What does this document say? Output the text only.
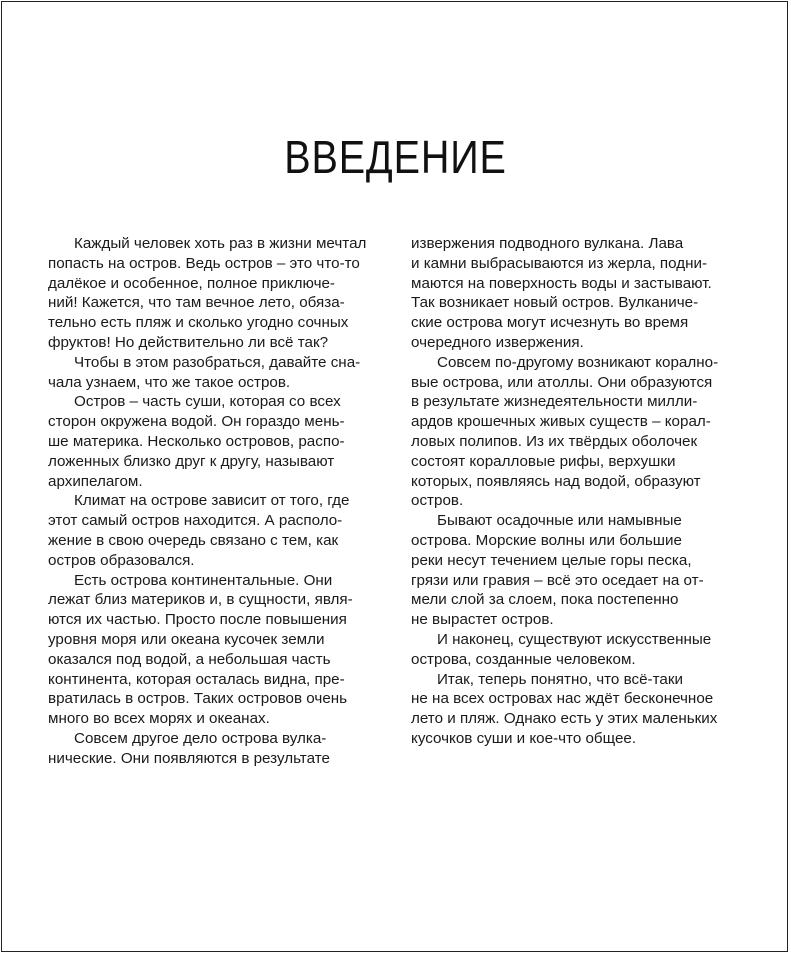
ВВЕДЕНИЕ
Каждый человек хоть раз в жизни мечтал
попасть на остров. Ведь остров – это что-то
далёкое и особенное, полное приключе-
ний! Кажется, что там вечное лето, обяза-
тельно есть пляж и сколько угодно сочных
фруктов! Но действительно ли всё так?
Чтобы в этом разобраться, давайте сна-
чала узнаем, что же такое остров.
Остров – часть суши, которая со всех
сторон окружена водой. Он гораздо мень-
ше материка. Несколько островов, распо-
ложенных близко друг к другу, называют
архипелагом.
Климат на острове зависит от того, где
этот самый остров находится. А располо-
жение в свою очередь связано с тем, как
остров образовался.
Есть острова континентальные. Они
лежат близ материков и, в сущности, явля-
ются их частью. Просто после повышения
уровня моря или океана кусочек земли
оказался под водой, а небольшая часть
континента, которая осталась видна, пре-
вратилась в остров. Таких островов очень
много во всех морях и океанах.
Совсем другое дело острова вулка-
нические. Они появляются в результате
извержения подводного вулкана. Лава
и камни выбрасываются из жерла, подни-
маются на поверхность воды и застывают.
Так возникает новый остров. Вулканиче-
ские острова могут исчезнуть во время
очередного извержения.
Совсем по-другому возникают корално-
вые острова, или атоллы. Они образуются
в результате жизнедеятельности милли-
ардов крошечных живых существ – корал-
ловых полипов. Из их твёрдых оболочек
состоят коралловые рифы, верхушки
которых, появляясь над водой, образуют
остров.
Бывают осадочные или намывные
острова. Морские волны или большие
реки несут течением целые горы песка,
грязи или гравия – всё это оседает на от-
мели слой за слоем, пока постепенно
не вырастет остров.
И наконец, существуют искусственные
острова, созданные человеком.
Итак, теперь понятно, что всё-таки
не на всех островах нас ждёт бесконечное
лето и пляж. Однако есть у этих маленьких
кусочков суши и кое-что общее.
